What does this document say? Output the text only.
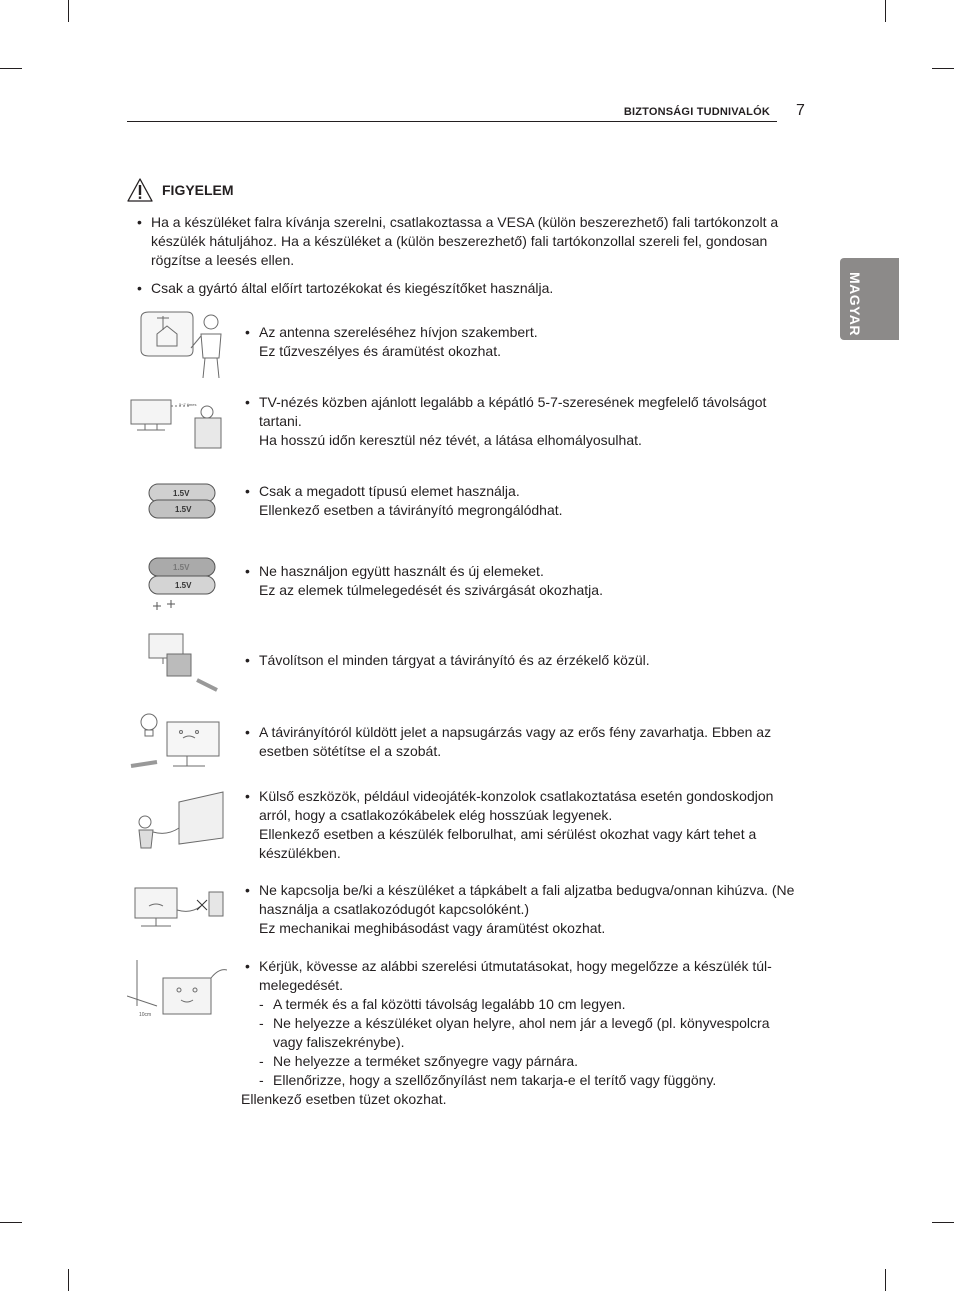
BIZTONSÁGI TUDNIVALÓK 7
MAGYAR
FIGYELEM
• Ha a készüléket falra kívánja szerelni, csatlakoztassa a VESA (külön beszerezhető) fali tartókonzolt a készülék hátuljához. Ha a készüléket a (külön beszerezhető) fali tartókonzollal szereli fel, gondosan rögzítse a leesés ellen.
• Csak a gyártó által előírt tartozékokat és kiegészítőket használja.
• Az antenna szereléséhez hívjon szakembert.
Ez tűzveszélyes és áramütést okozhat.
5~7 times	• TV-nézés közben ajánlott legalább a képátló 5-7-szeresének megfelelő távolságot tartani.
Ha hosszú időn keresztül néz tévét, a látása elhomályosulhat.
1.5V
1.5V
• Csak a megadott típusú elemet használja.
Ellenkező esetben a távirányító megrongálódhat.
1.5V
1.5V
• Ne használjon együtt használt és új elemeket.
Ez az elemek túlmelegedését és szivárgását okozhatja.
• Távolítson el minden tárgyat a távirányító és az érzékelő közül.
• A távirányítóról küldött jelet a napsugárzás vagy az erős fény zavarhatja. Ebben az esetben sötétítse el a szobát.
• Külső eszközök, például videojáték-konzolok csatlakoztatása esetén gondoskodjon arról, hogy a csatlakozókábelek elég hosszúak legyenek.
Ellenkező esetben a készülék felborulhat, ami sérülést okozhat vagy kárt tehet a készülékben.
• Ne kapcsolja be/ki a készüléket a tápkábelt a fali aljzatba bedugva/onnan kihúzva. (Ne használja a csatlakozódugót kapcsolóként.)
Ez mechanikai meghibásodást vagy áramütést okozhat.
10cm
• Kérjük, kövesse az alábbi szerelési útmutatásokat, hogy megelőzze a készülék túl-melegedését.
- A termék és a fal közötti távolság legalább 10 cm legyen.
- Ne helyezze a készüléket olyan helyre, ahol nem jár a levegő (pl. könyvespolcra vagy faliszekrénybe).
- Ne helyezze a terméket szőnyegre vagy párnára.
- Ellenőrizze, hogy a szellőzőnyílást nem takarja-e el terítő vagy függöny.
Ellenkező esetben tüzet okozhat.
